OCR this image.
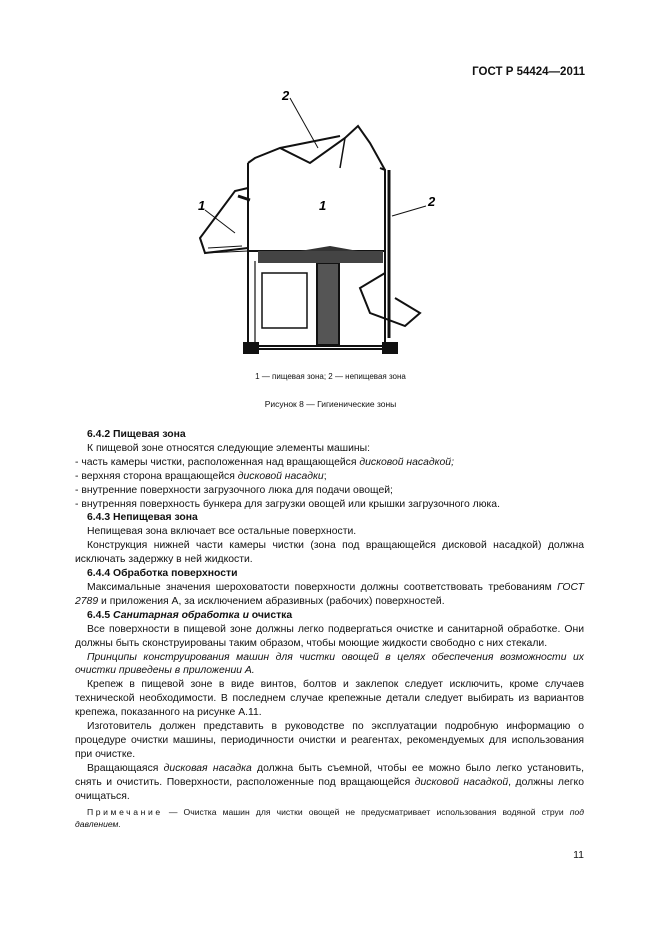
ГОСТ Р 54424—2011
2
2
1	1
1 — пищевая зона; 2 — непищевая зона
Рисунок 8 — Гигиенические зоны

6.4.2 Пищевая зона

К пищевой зоне относятся следующие элементы машины:

- часть камеры чистки, расположенная над вращающейся дисковой насадкой;

- верхняя сторона вращающейся дисковой насадки;

- внутренние поверхности загрузочного люка для подачи овощей;

- внутренняя поверхность бункера для загрузки овощей или крышки загрузочного люка.

6.4.3 Непищевая зона

Непищевая зона включает все остальные поверхности.

Конструкция нижней части камеры чистки (зона под вращающейся дисковой насадкой) должна исключать задержку в ней жидкости.

6.4.4 Обработка поверхности

Максимальные значения шероховатости поверхности должны соответствовать требованиям ГОСТ 2789 и приложения А, за исключением абразивных (рабочих) поверхностей.

6.4.5 Санитарная обработка и очистка

Все поверхности в пищевой зоне должны легко подвергаться очистке и санитарной обработке. Они должны быть сконструированы таким образом, чтобы моющие жидкости свободно с них стекали.

Принципы конструирования машин для чистки овощей в целях обеспечения возможности их очистки приведены в приложении А.

Крепеж в пищевой зоне в виде винтов, болтов и заклепок следует исключить, кроме случаев технической необходимости. В последнем случае крепежные детали следует выбирать из вариантов крепежа, показанного на рисунке А.11.

Изготовитель должен представить в руководстве по эксплуатации подробную информацию о процедуре очистки машины, периодичности очистки и реагентах, рекомендуемых для использования при очистке.

Вращающаяся дисковая насадка должна быть съемной, чтобы ее можно было легко установить, снять и очистить. Поверхности, расположенные под вращающейся дисковой насадкой, должны легко очищаться.

Примечание — Очистка машин для чистки овощей не предусматривает использования водяной струи под давлением.

11
